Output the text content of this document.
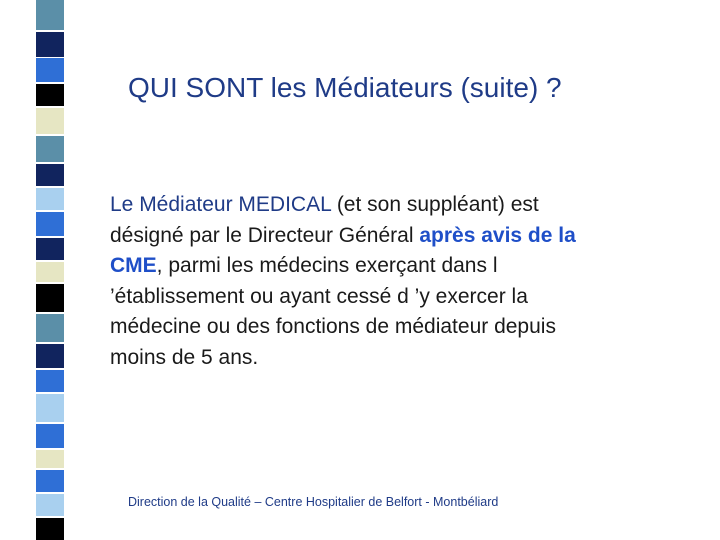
QUI SONT les Médiateurs (suite) ?
Le Médiateur MEDICAL (et son suppléant) est désigné par le Directeur Général après avis de la CME, parmi les médecins exerçant dans l ’établissement ou ayant cessé d ’y exercer la médecine ou des fonctions de médiateur depuis moins de 5 ans.
Direction de la Qualité – Centre Hospitalier de Belfort - Montbéliard
